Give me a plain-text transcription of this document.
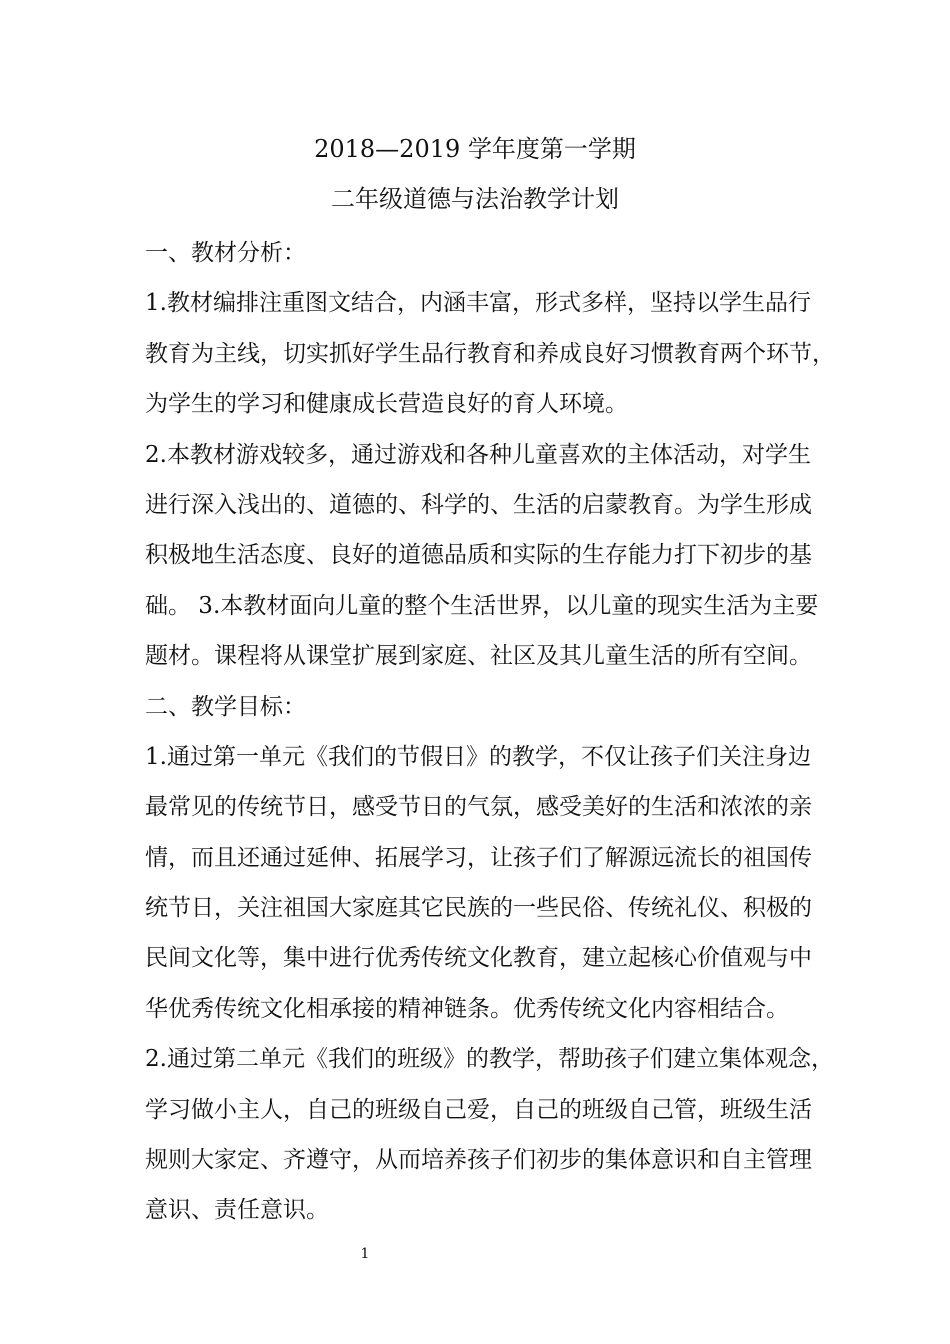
2018—2019 学年度第一学期
二年级道德与法治教学计划
一、教材分析：
1.教材编排注重图文结合，内涵丰富，形式多样，坚持以学生品行
教育为主线，切实抓好学生品行教育和养成良好习惯教育两个环节，
为学生的学习和健康成长营造良好的育人环境。
2.本教材游戏较多，通过游戏和各种儿童喜欢的主体活动，对学生
进行深入浅出的、道德的、科学的、生活的启蒙教育。为学生形成
积极地生活态度、良好的道德品质和实际的生存能力打下初步的基
础。 3.本教材面向儿童的整个生活世界，以儿童的现实生活为主要
题材。课程将从课堂扩展到家庭、社区及其儿童生活的所有空间。
二、教学目标：
1.通过第一单元《我们的节假日》的教学，不仅让孩子们关注身边
最常见的传统节日，感受节日的气氛，感受美好的生活和浓浓的亲
情，而且还通过延伸、拓展学习，让孩子们了解源远流长的祖国传
统节日，关注祖国大家庭其它民族的一些民俗、传统礼仪、积极的
民间文化等，集中进行优秀传统文化教育，建立起核心价值观与中
华优秀传统文化相承接的精神链条。优秀传统文化内容相结合。
2.通过第二单元《我们的班级》的教学，帮助孩子们建立集体观念，
学习做小主人，自己的班级自己爱，自己的班级自己管，班级生活
规则大家定、齐遵守，从而培养孩子们初步的集体意识和自主管理
意识、责任意识。
1
